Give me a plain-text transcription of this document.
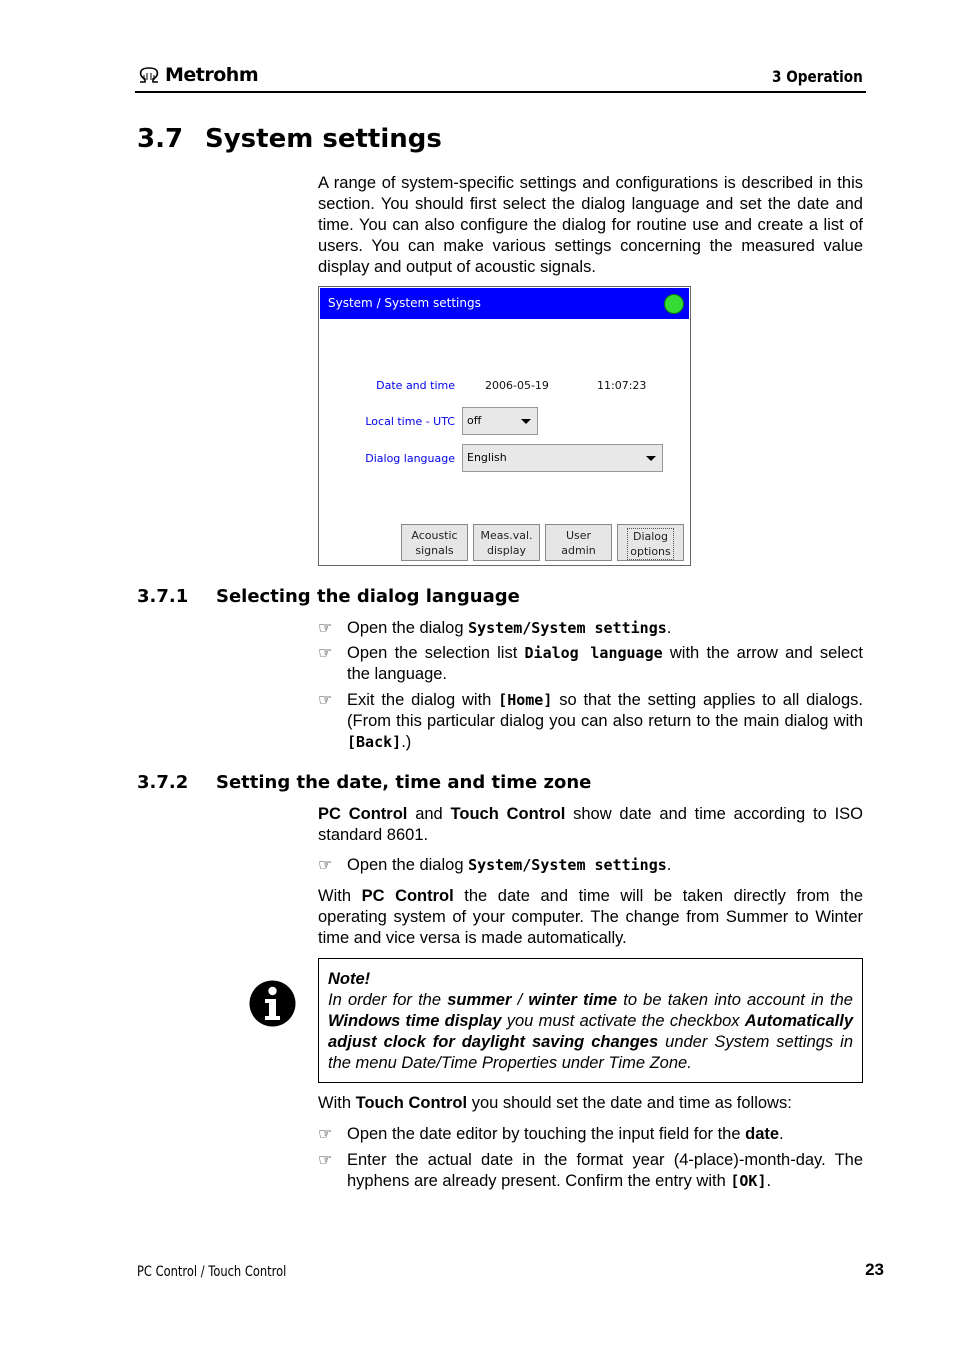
Metrohm	3 Operation
3.7 System settings
A range of system-specific settings and configurations is described in this section. You should first select the dialog language and set the date and time. You can also configure the dialog for routine use and create a list of users. You can make various settings concerning the measured value display and output of acoustic signals.
System / System settings
Date and time	2006-05-19	11:07:23
Local time - UTC	off
Dialog language	English
Acoustic
signals
Meas.val.
display
User
admin
Dialog
options
3.7.1 Selecting the dialog language
☞ Open the dialog System/System settings.
☞ Open the selection list Dialog language with the arrow and select the language.
☞ Exit the dialog with [Home] so that the setting applies to all dialogs. (From this particular dialog you can also return to the main dialog with [Back].)
3.7.2 Setting the date, time and time zone
PC Control and Touch Control show date and time according to ISO standard 8601.
☞ Open the dialog System/System settings.
With PC Control the date and time will be taken directly from the operating system of your computer. The change from Summer to Winter time and vice versa is made automatically.
Note!
In order for the summer / winter time to be taken into account in the Windows time display you must activate the checkbox Automatically adjust clock for daylight saving changes under System settings in the menu Date/Time Properties under Time Zone.
With Touch Control you should set the date and time as follows:
☞ Open the date editor by touching the input field for the date.
☞ Enter the actual date in the format year (4-place)-month-day. The hyphens are already present. Confirm the entry with [OK].
PC Control / Touch Control	23
